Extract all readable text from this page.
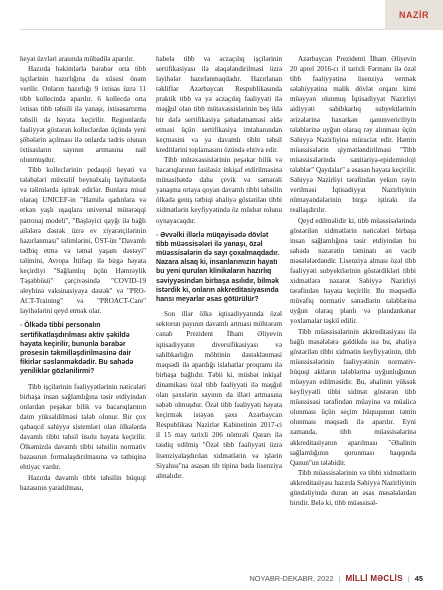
NAZİR

heyət üzvləri arasında mübadilə aparılır.

Hazırda həkimlərlə bərabər orta tibb işçilərinin hazırlığına da xüsusi önəm verilir. Onların hazırlığı 9 ixtisas üzrə 11 tibb kollecində aparılır. 6 kollecdə orta ixtisas tibb təhsili ilə yanaşı, ixtisasartırma təhsili də həyata keçirilir. Regionlarda fəaliyyət göstərən kolleclərdən üçündə yeni şöbələrin açılması ilə onlarda tədris olunan ixtisasların sayının artmasına nail olunmuşdur.

Tibb kolleclərinin pedaqoji heyəti və tələbələri müxtəlif beynəlxalq layihələrdə və təlimlərdə iştirak edirlər. Bunlara misal olaraq UNICEF-in "Hamilə qadınlara və erkən yaşlı uşaqlara universal mütərəqqi patronaj modeli", "Bəşləyici qayğı ilə bağlı ailələrə dəstək üzrə ev ziyarətçilərinin hazırlanması" təlimlərini, ÜST-ün "Davamlı tədbiq etmə və təməl yaşam dəstəyi" təlimini, Avropa İttifaqı ilə birgə həyata keçirdiyi "Sağlamlıq üçün Həmrəylik Təşəbbüsü" çərçivəsində "COVID-19 əleyhinə vaksinasiyaya dəstək" və "PRO-ACT-Training" və "PROACT-Care" layihələrini qeyd etmək olar.

- Ölkədə tibbi personalın sertifikatlaşdırılması aktiv şəkildə həyata keçirilir, bununla bərabər prosesin təkmilləşdirilməsinə dair fikirlər səslənməkdədir. Bu sahədə yeniliklər gözlənilirmi?

Tibb işçilərinin fəaliyyətlərinin nəticələri birbaşa insan sağlamlığına təsir etdiyindən onlardan peşəkar bilik və bacarıqlarının daim yüksəldilməsi tələb olunur. Bir çox qabaqcıl səhiyyə sistemləri olan ölkələrdə davamlı tibbi təhsil üsulu həyata keçirilir. Ölkəmizdə davamlı tibbi təhsilin normativ bazasının formalaşdırılmasına və tətbiqinə ehtiyac vardır.

Hazırda davamlı tibbi təhsilin hüquqi bazasının yaradılması,

habelə tibb və əczaçılıq işçilərinin sertifikasiyası ilə əlaqələndirilməsi üzrə layihələr hazırlanmaqdadır. Hazırlanan təkliflər Azərbaycan Respublikasında praktik tibb və yə əczaçılıq fəaliyyəti ilə məşğul olan tibb mütəxəssislərinin beş ildə bir dəfə sertifikasiya şəhadətnaməsi əldə etməsi üçün sertifikasiya imtahanından keçməsini və ya davamlı tibbi təhsil kreditlərini toplamasını özündə ehtiva edir.

Tibb mütəxəssislərinin peşəkar bilik və bacarıqlarının fasiləsiz inkişaf etdirilməsinə münasibətdə daha çevik və səmərəli yanaşma ortaya qoyan davamlı tibbi təhsilin ölkədə geniş tətbiqi əhaliyə göstərilən tibbi xidmətlərin keyfiyyətində öz müsbət rolunu oynayacaqdır.

- Əvvəlki illərlə müqayisədə dövlət tibb müəssisələri ilə yanaşı, özəl müəssisələrin də sayı çoxalmaqdadır. Nazara alsaq ki, insanlarımızın hayatı bu yeni qurulan klinikaların hazırlıq səviyyəsindən birbaşa asılıdır, bilmək istərdik ki, onların akkreditasiyasında hansı meyarlar əsas götürülür?

Son illər ölkə iqtisadiyyatında özəl sektorun payının davamlı artması möhtərəm cənab Prezident İlham Əliyevin iqtisadiyyatın diversifikasiyası və sahibkarlığın möhtinin dəstəklənməsi məqsədi ilə apardığı islahatlar proqramı ilə birbaşa bağlıdır. Təbii ki, müsbət inkişaf dinamikası özəl tibb fəaliyyəti ilə məşğul olan şəxslərin sayının da illəri artmasına səbəb olmuşdur. Özəl tibb fəaliyyəti həyata keçirmək istəyən şəxs Azərbaycan Respublikası Nazirlər Kabinetinin 2017-ci il 15 may tarixli 206 nömrəli Qərarı ilə təsdiq edilmiş "Özəl tibb fəaliyyəti üzrə lisenziyalaşdırılan xidmətlərin və işlərin Siyahısı"na əsasən tib tipinə bədə lisenziya almalıdır.

Azərbaycan Prezidenti İlham Əliyevin 20 aprel 2016-cı il tarixli Fərmanı ilə özəl tibb fəaliyyətinə lisenziya vermək səlahiyyətinə malik dövlət orqanı kimi müəyyən olunmuş İqtisadiyyat Nazirliyi aidiyyəti sahibkarlıq subyektlərinin ərizələrinə baxarkən qanunvericiliyin tələblərinə uyğun olaraq rəy alınması üçün Səhiyyə Nazirliyinə müraciət edir. Həmin müəssisələrin qiymətləndirilməsi "Tibb müəssisələrində sanitariya-epidemioloji tələblər" Qaydalar" a əsasən həyata keçirilir. Səhiyyə Nazirliyi tərəfindən yekun rəyin verilməsi İqtisadiyyat Nazirliyinin nümayəndələrinin birgə iştirakı ilə reallaşdırılır.

Qeyd edilməlidir ki, tibb müəssisələrində göstərilən xidmətlərin nəticələri birbaşa insan sağlamlığına təsir etdiyindən bu sahədə nəzarətin təminatı ən vacib məsələlərdəndir. Lisenziya alması özəl tibb fəaliyyəti subyektlərinin göstərdikləri tibbi xidmətlərə nəzarət Səhiyyə Nazirliyi tərəfindən həyata keçirilir. Bu məqsədlə müvafiq normativ sənədlərin tələblərinə uyğun olaraq planlı və plandankənar yoxlamalar təşkil edilir.

Tibb müəssisələrinin akkreditasiyası ilə bağlı məsələlərə gəldikdə isə bu, əhaliyə göstərilən tibbi xidmətin keyfiyyətinin, tibb müəssisələrinin fəaliyyətinin normativ-hüquqi aktların tələblərinə uyğunluğunun müəyyən edilməsidir. Bu, əhalinin yüksək keyfiyyətli tibbi xidmət göstərən tibb müəssisəsi tərəfindən müayinə və müalicə olunması üçün seçim hüququnun təmin olunması məqsədi ilə aparılır. Eyni zamanda, tibb müəssisələrinə akkreditasiyanın aparılması "Əhalinin sağlamlığının qorunması haqqında Qanun"un tələbidir.

Tibb müəssisələrinin və tibbi xidmətlərin akkreditasiyası hazırda Səhiyyə Nazirliyinin gündəliyində duran ən əsas məsələlərdən biridir. Belə ki, tibb müəssisəl-

NOYABR-DEKABR, 2022 | MİLLİ MƏCLİS | 45
